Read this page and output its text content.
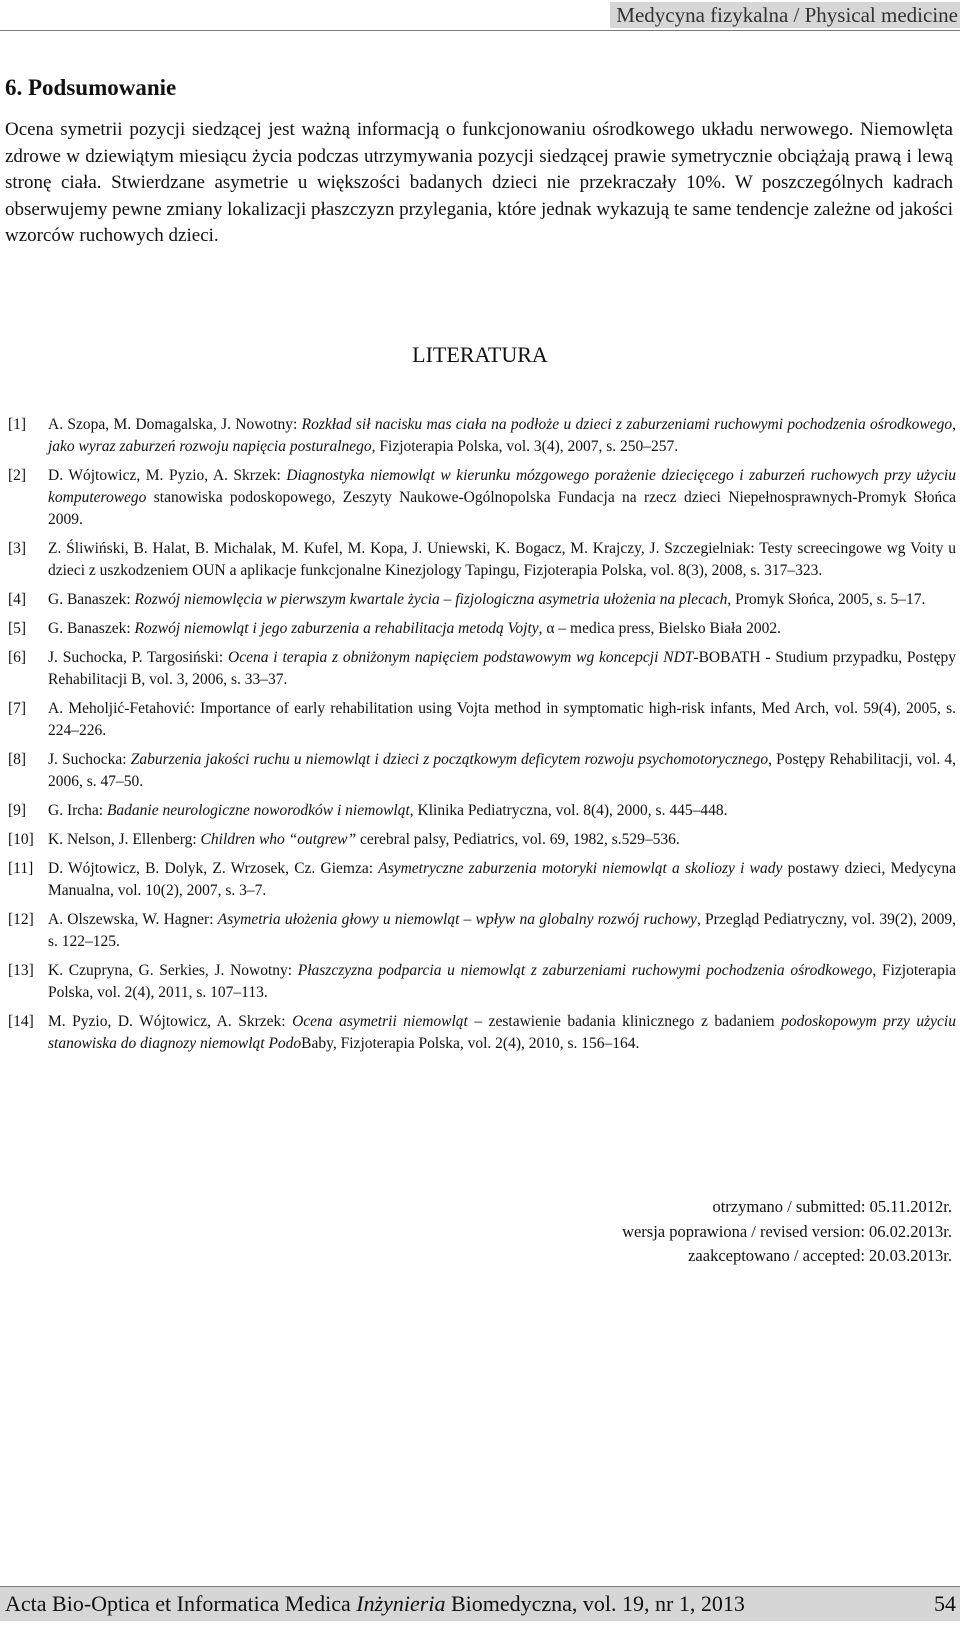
Medycyna fizykalna / Physical medicine
6. Podsumowanie

Ocena symetrii pozycji siedzącej jest ważną informacją o funkcjonowaniu ośrodkowego układu nerwowego. Niemowlęta zdrowe w dziewiątym miesiącu życia podczas utrzymywania pozycji siedzącej prawie symetrycznie obciążają prawą i lewą stronę ciała. Stwierdzane asymetrie u większości badanych dzieci nie przekraczały 10%. W poszczególnych kadrach obserwujemy pewne zmiany lokalizacji płaszczyzn przylegania, które jednak wykazują te same tendencje zależne od jakości wzorców ruchowych dzieci.

LITERATURA
[1] A. Szopa, M. Domagalska, J. Nowotny: Rozkład sił nacisku mas ciała na podłoże u dzieci z zaburzeniami ruchowymi pochodzenia ośrodkowego, jako wyraz zaburzeń rozwoju napięcia posturalnego, Fizjoterapia Polska, vol. 3(4), 2007, s. 250–257.
[2] D. Wójtowicz, M. Pyzio, A. Skrzek: Diagnostyka niemowląt w kierunku mózgowego porażenie dziecięcego i zaburzeń ruchowych przy użyciu komputerowego stanowiska podoskopowego, Zeszyty Naukowe-Ogólnopolska Fundacja na rzecz dzieci Niepełnosprawnych-Promyk Słońca 2009.
[3] Z. Śliwiński, B. Halat, B. Michalak, M. Kufel, M. Kopa, J. Uniewski, K. Bogacz, M. Krajczy, J. Szczegielniak: Testy screecingowe wg Voity u dzieci z uszkodzeniem OUN a aplikacje funkcjonalne Kinezjology Tapingu, Fizjoterapia Polska, vol. 8(3), 2008, s. 317–323.
[4] G. Banaszek: Rozwój niemowlęcia w pierwszym kwartale życia – fizjologiczna asymetria ułożenia na plecach, Promyk Słońca, 2005, s. 5–17.
[5] G. Banaszek: Rozwój niemowląt i jego zaburzenia a rehabilitacja metodą Vojty, α – medica press, Bielsko Biała 2002.
[6] J. Suchocka, P. Targosiński: Ocena i terapia z obniżonym napięciem podstawowym wg koncepcji NDT-BOBATH - Studium przypadku, Postępy Rehabilitacji B, vol. 3, 2006, s. 33–37.
[7] A. Meholjić-Fetahović: Importance of early rehabilitation using Vojta method in symptomatic high-risk infants, Med Arch, vol. 59(4), 2005, s. 224–226.
[8] J. Suchocka: Zaburzenia jakości ruchu u niemowląt i dzieci z początkowym deficytem rozwoju psychomotorycznego, Postępy Rehabilitacji, vol. 4, 2006, s. 47–50.
[9] G. Ircha: Badanie neurologiczne noworodków i niemowląt, Klinika Pediatryczna, vol. 8(4), 2000, s. 445–448.
[10] K. Nelson, J. Ellenberg: Children who “outgrew” cerebral palsy, Pediatrics, vol. 69, 1982, s.529–536.
[11] D. Wójtowicz, B. Dolyk, Z. Wrzosek, Cz. Giemza: Asymetryczne zaburzenia motoryki niemowląt a skoliozy i wady postawy dzieci, Medycyna Manualna, vol. 10(2), 2007, s. 3–7.
[12] A. Olszewska, W. Hagner: Asymetria ułożenia głowy u niemowląt – wpływ na globalny rozwój ruchowy, Przegląd Pediatryczny, vol. 39(2), 2009, s. 122–125.
[13] K. Czupryna, G. Serkies, J. Nowotny: Płaszczyzna podparcia u niemowląt z zaburzeniami ruchowymi pochodzenia ośrodkowego, Fizjoterapia Polska, vol. 2(4), 2011, s. 107–113.
[14] M. Pyzio, D. Wójtowicz, A. Skrzek: Ocena asymetrii niemowląt – zestawienie badania klinicznego z badaniem podoskopowym przy użyciu stanowiska do diagnozy niemowląt PodoBaby, Fizjoterapia Polska, vol. 2(4), 2010, s. 156–164.
otrzymano / submitted: 05.11.2012r.
wersja poprawiona / revised version: 06.02.2013r.
zaakceptowano / accepted: 20.03.2013r.
Acta Bio-Optica et Informatica Medica Inżynieria Biomedyczna, vol. 19, nr 1, 2013	54
